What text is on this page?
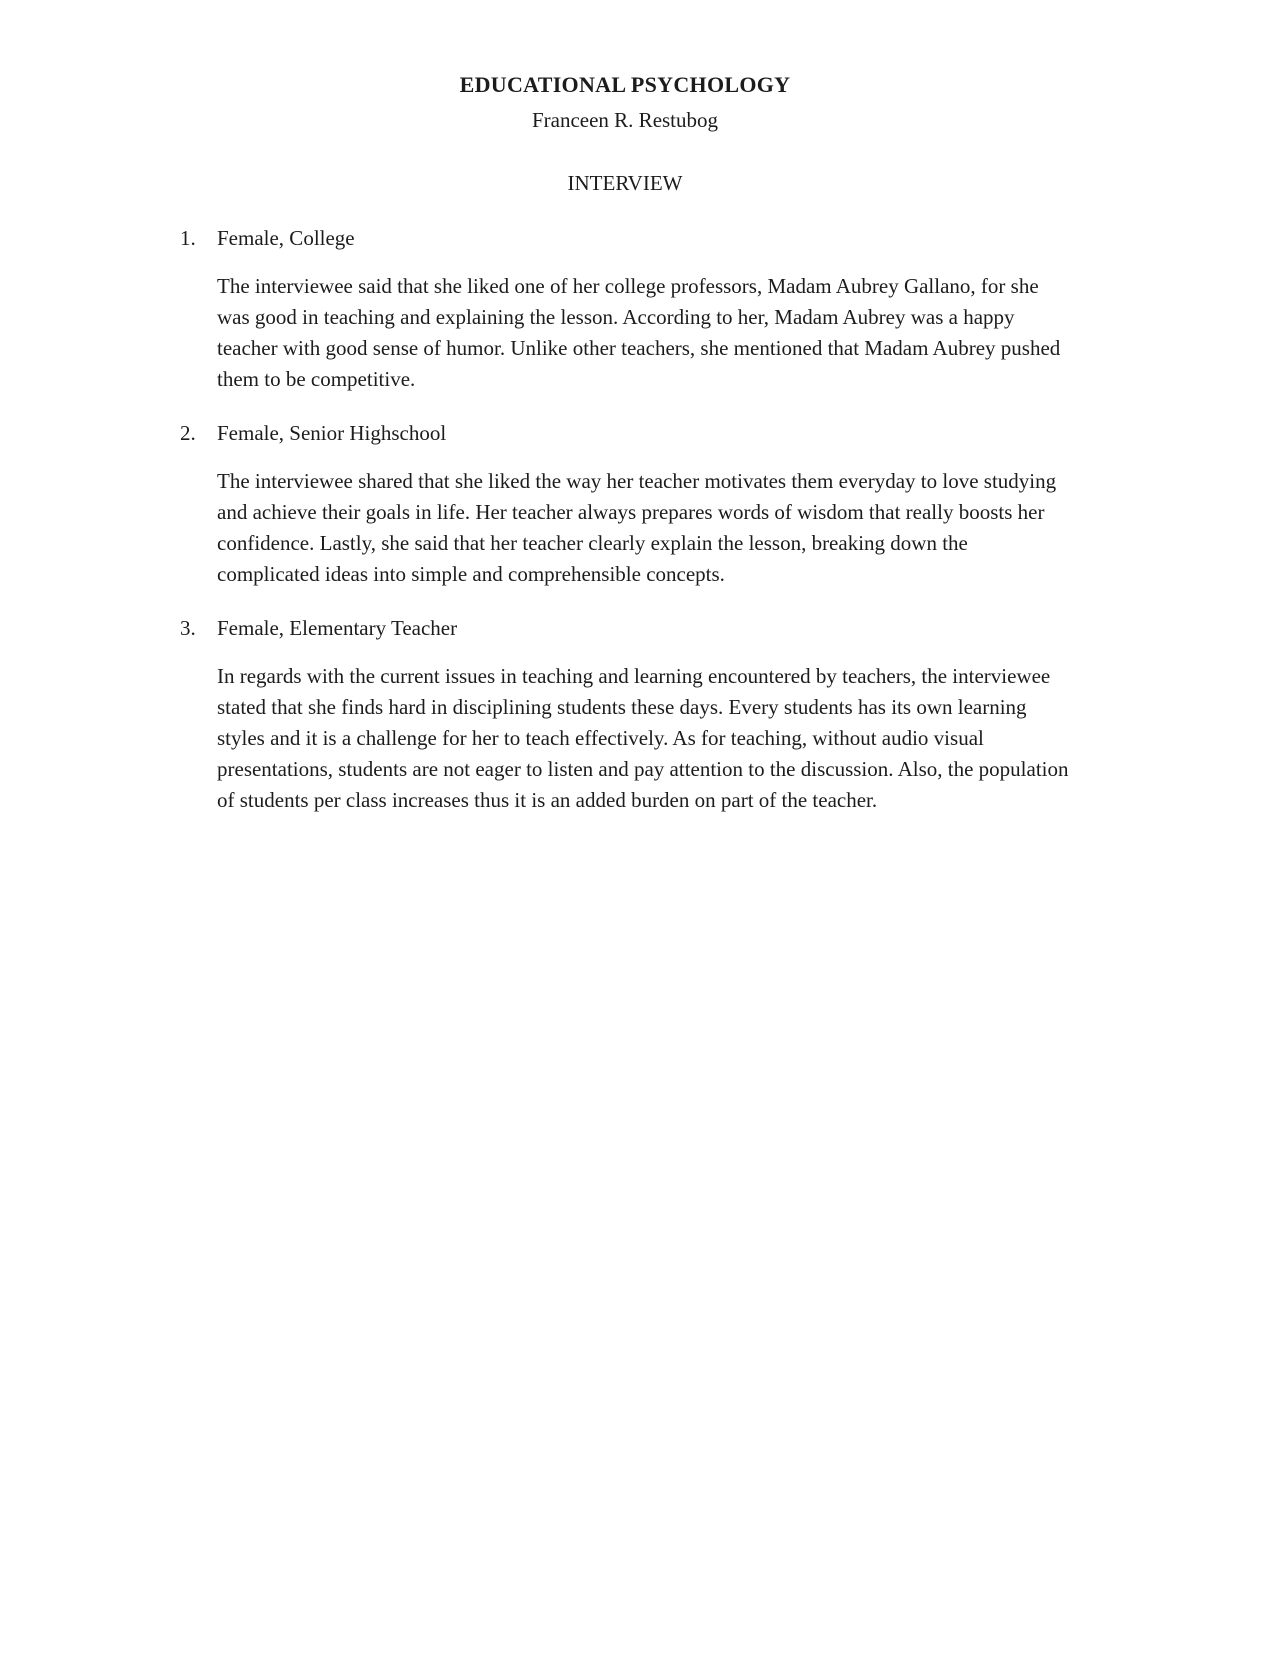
EDUCATIONAL PSYCHOLOGY
Franceen R. Restubog
INTERVIEW
1.	Female, College

The interviewee said that she liked one of her college professors, Madam Aubrey Gallano, for she was good in teaching and explaining the lesson. According to her, Madam Aubrey was a happy teacher with good sense of humor. Unlike other teachers, she mentioned that Madam Aubrey pushed them to be competitive.

2.	Female, Senior Highschool

The interviewee shared that she liked the way her teacher motivates them everyday to love studying and achieve their goals in life. Her teacher always prepares words of wisdom that really boosts her confidence. Lastly, she said that her teacher clearly explain the lesson, breaking down the complicated ideas into simple and comprehensible concepts.

3.	Female, Elementary Teacher

In regards with the current issues in teaching and learning encountered by teachers, the interviewee stated that she finds hard in disciplining students these days. Every students has its own learning styles and it is a challenge for her to teach effectively. As for teaching, without audio visual presentations, students are not eager to listen and pay attention to the discussion. Also, the population of students per class increases thus it is an added burden on part of the teacher.
